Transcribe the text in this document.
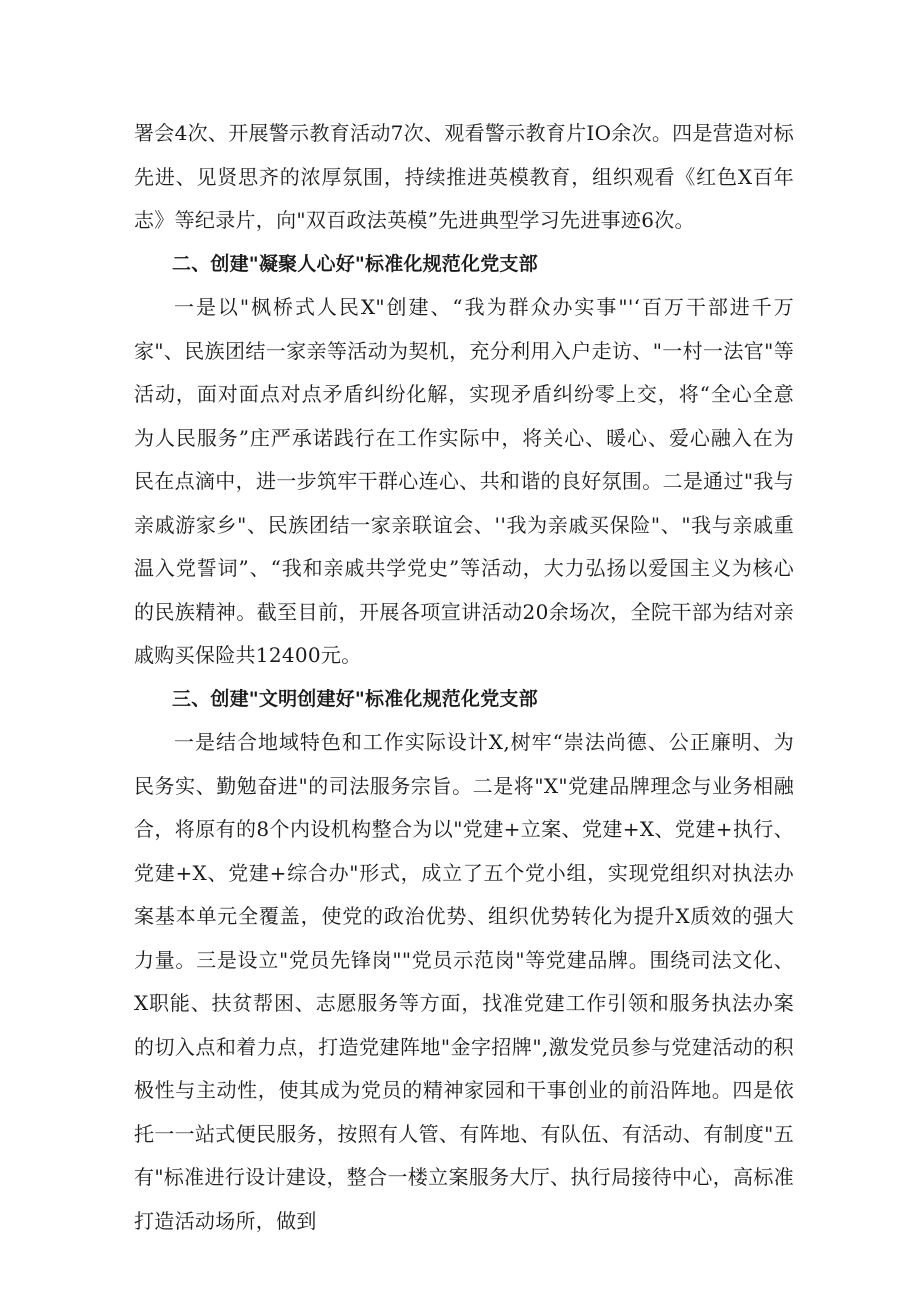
署会4次、开展警示教育活动7次、观看警示教育片IO余次。四是营造对标先进、见贤思齐的浓厚氛围，持续推进英模教育，组织观看《红色X百年志》等纪录片，向"双百政法英模”先进典型学习先进事迹6次。

二、创建"凝聚人心好"标准化规范化党支部

一是以"枫桥式人民X"创建、“我为群众办实事"'‘百万干部进千万家"、民族团结一家亲等活动为契机，充分利用入户走访、"一村一法官"等活动，面对面点对点矛盾纠纷化解，实现矛盾纠纷零上交，将“全心全意为人民服务”庄严承诺践行在工作实际中，将关心、暖心、爱心融入在为民在点滴中，进一步筑牢干群心连心、共和谐的良好氛围。二是通过"我与亲戚游家乡"、民族团结一家亲联谊会、''我为亲戚买保险"、"我与亲戚重温入党誓词”、“我和亲戚共学党史”等活动，大力弘扬以爱国主义为核心的民族精神。截至目前，开展各项宣讲活动20余场次，全院干部为结对亲戚购买保险共12400元。

三、创建"文明创建好"标准化规范化党支部

一是结合地域特色和工作实际设计X,树牢“崇法尚德、公正廉明、为民务实、勤勉奋进"的司法服务宗旨。二是将"X"党建品牌理念与业务相融合，将原有的8个内设机构整合为以"党建+立案、党建+X、党建+执行、党建+X、党建+综合办"形式，成立了五个党小组，实现党组织对执法办案基本单元全覆盖，使党的政治优势、组织优势转化为提升X质效的强大力量。三是设立"党员先锋岗""党员示范岗"等党建品牌。围绕司法文化、X职能、扶贫帮困、志愿服务等方面，找准党建工作引领和服务执法办案的切入点和着力点，打造党建阵地"金字招牌",激发党员参与党建活动的积极性与主动性，使其成为党员的精神家园和干事创业的前沿阵地。四是依托一一站式便民服务，按照有人管、有阵地、有队伍、有活动、有制度"五有"标准进行设计建设，整合一楼立案服务大厅、执行局接待中心，高标准打造活动场所，做到
